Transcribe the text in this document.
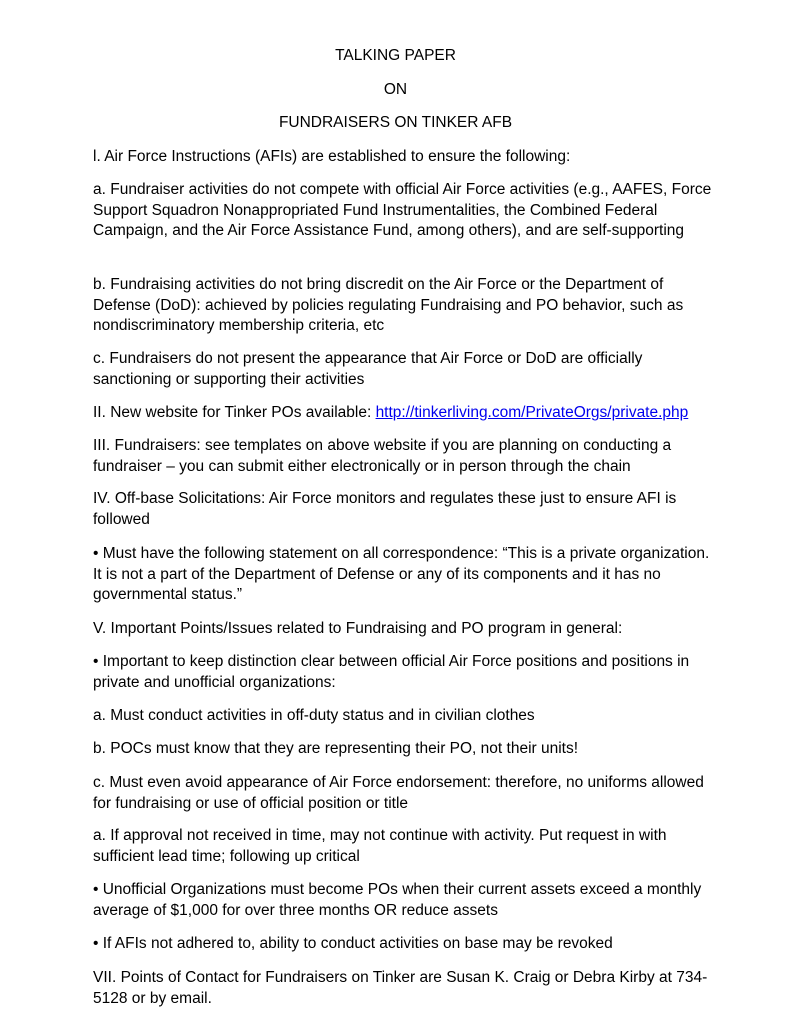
TALKING PAPER
ON
FUNDRAISERS ON TINKER AFB
l. Air Force Instructions (AFIs) are established to ensure the following:
a. Fundraiser activities do not compete with official Air Force activities (e.g., AAFES, Force Support Squadron Nonappropriated Fund Instrumentalities, the Combined Federal Campaign, and the Air Force Assistance Fund, among others), and are self-supporting
b. Fundraising activities do not bring discredit on the Air Force or the Department of Defense (DoD): achieved by policies regulating Fundraising and PO behavior, such as nondiscriminatory membership criteria, etc
c. Fundraisers do not present the appearance that Air Force or DoD are officially sanctioning or supporting their activities
II. New website for Tinker POs available: http://tinkerliving.com/PrivateOrgs/private.php
III. Fundraisers: see templates on above website if you are planning on conducting a fundraiser – you can submit either electronically or in person through the chain
IV. Off-base Solicitations: Air Force monitors and regulates these just to ensure AFI is followed
• Must have the following statement on all correspondence: “This is a private organization. It is not a part of the Department of Defense or any of its components and it has no governmental status.”
V. Important Points/Issues related to Fundraising and PO program in general:
• Important to keep distinction clear between official Air Force positions and positions in private and unofficial organizations:
a. Must conduct activities in off-duty status and in civilian clothes
b. POCs must know that they are representing their PO, not their units!
c. Must even avoid appearance of Air Force endorsement: therefore, no uniforms allowed for fundraising or use of official position or title
a. If approval not received in time, may not continue with activity. Put request in with sufficient lead time; following up critical
• Unofficial Organizations must become POs when their current assets exceed a monthly average of $1,000 for over three months OR reduce assets
• If AFIs not adhered to, ability to conduct activities on base may be revoked
VII. Points of Contact for Fundraisers on Tinker are Susan K. Craig or Debra Kirby at 734-5128 or by email.
